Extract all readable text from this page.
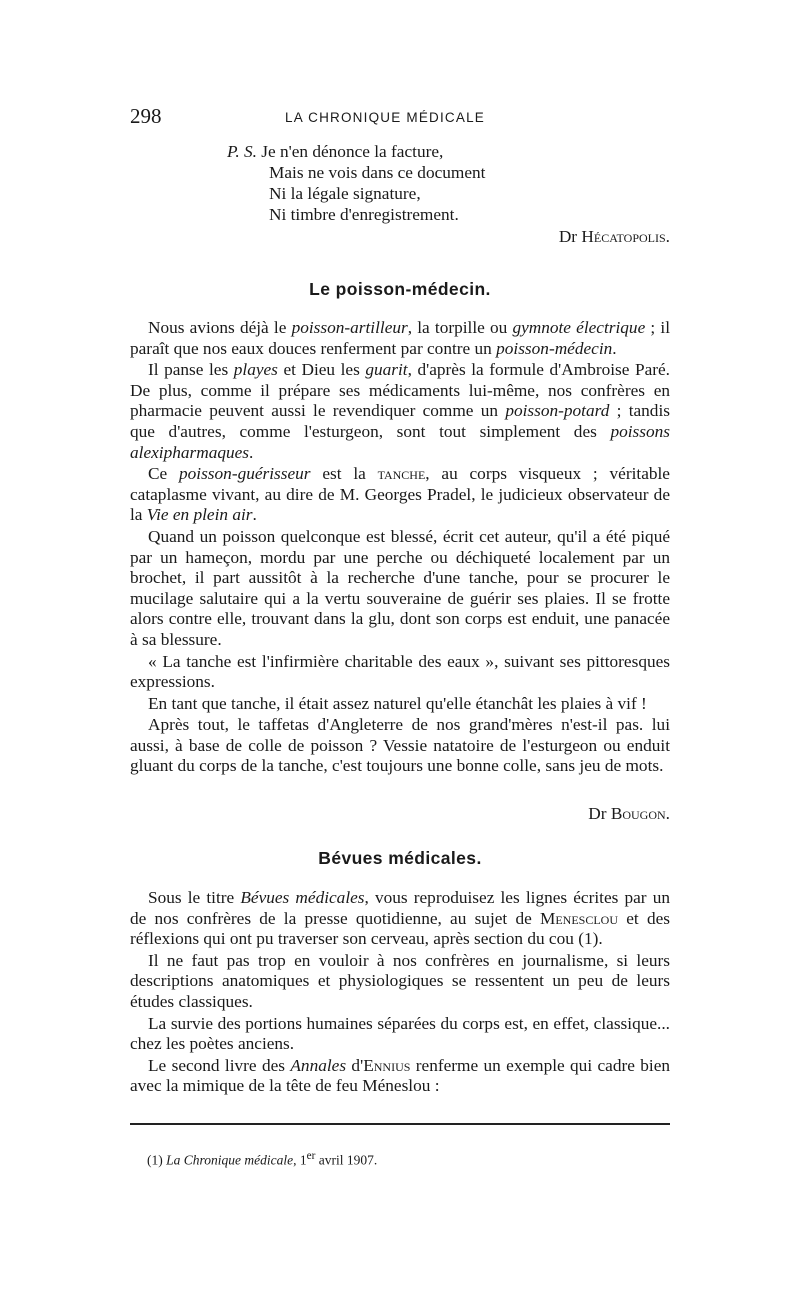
298	LA CHRONIQUE MÉDICALE

P. S. Je n'en dénonce la facture,

Mais ne vois dans ce document

Ni la légale signature,

Ni timbre d'enregistrement.

Dr Hécatopolis.
Le poisson-médecin.

Nous avions déjà le poisson-artilleur, la torpille ou gymnote électrique ; il paraît que nos eaux douces renferment par contre un poisson-médecin.

Il panse les playes et Dieu les guarit, d'après la formule d'Ambroise Paré. De plus, comme il prépare ses médicaments lui-même, nos confrères en pharmacie peuvent aussi le revendiquer comme un poisson-potard ; tandis que d'autres, comme l'esturgeon, sont tout simplement des poissons alexipharmaques.

Ce poisson-guérisseur est la tanche, au corps visqueux ; véritable cataplasme vivant, au dire de M. Georges Pradel, le judicieux observateur de la Vie en plein air.

Quand un poisson quelconque est blessé, écrit cet auteur, qu'il a été piqué par un hameçon, mordu par une perche ou déchiqueté localement par un brochet, il part aussitôt à la recherche d'une tanche, pour se procurer le mucilage salutaire qui a la vertu souveraine de guérir ses plaies. Il se frotte alors contre elle, trouvant dans la glu, dont son corps est enduit, une panacée à sa blessure.

« La tanche est l'infirmière charitable des eaux », suivant ses pittoresques expressions.

En tant que tanche, il était assez naturel qu'elle étanchât les plaies à vif !

Après tout, le taffetas d'Angleterre de nos grand'mères n'est-il pas. lui aussi, à base de colle de poisson ? Vessie natatoire de l'esturgeon ou enduit gluant du corps de la tanche, c'est toujours une bonne colle, sans jeu de mots.

Dr Bougon.
Bévues médicales.

Sous le titre Bévues médicales, vous reproduisez les lignes écrites par un de nos confrères de la presse quotidienne, au sujet de Menesclou et des réflexions qui ont pu traverser son cerveau, après section du cou (1).

Il ne faut pas trop en vouloir à nos confrères en journalisme, si leurs descriptions anatomiques et physiologiques se ressentent un peu de leurs études classiques.

La survie des portions humaines séparées du corps est, en effet, classique... chez les poètes anciens.

Le second livre des Annales d'Ennius renferme un exemple qui cadre bien avec la mimique de la tête de feu Méneslou :

(1) La Chronique médicale, 1er avril 1907.
